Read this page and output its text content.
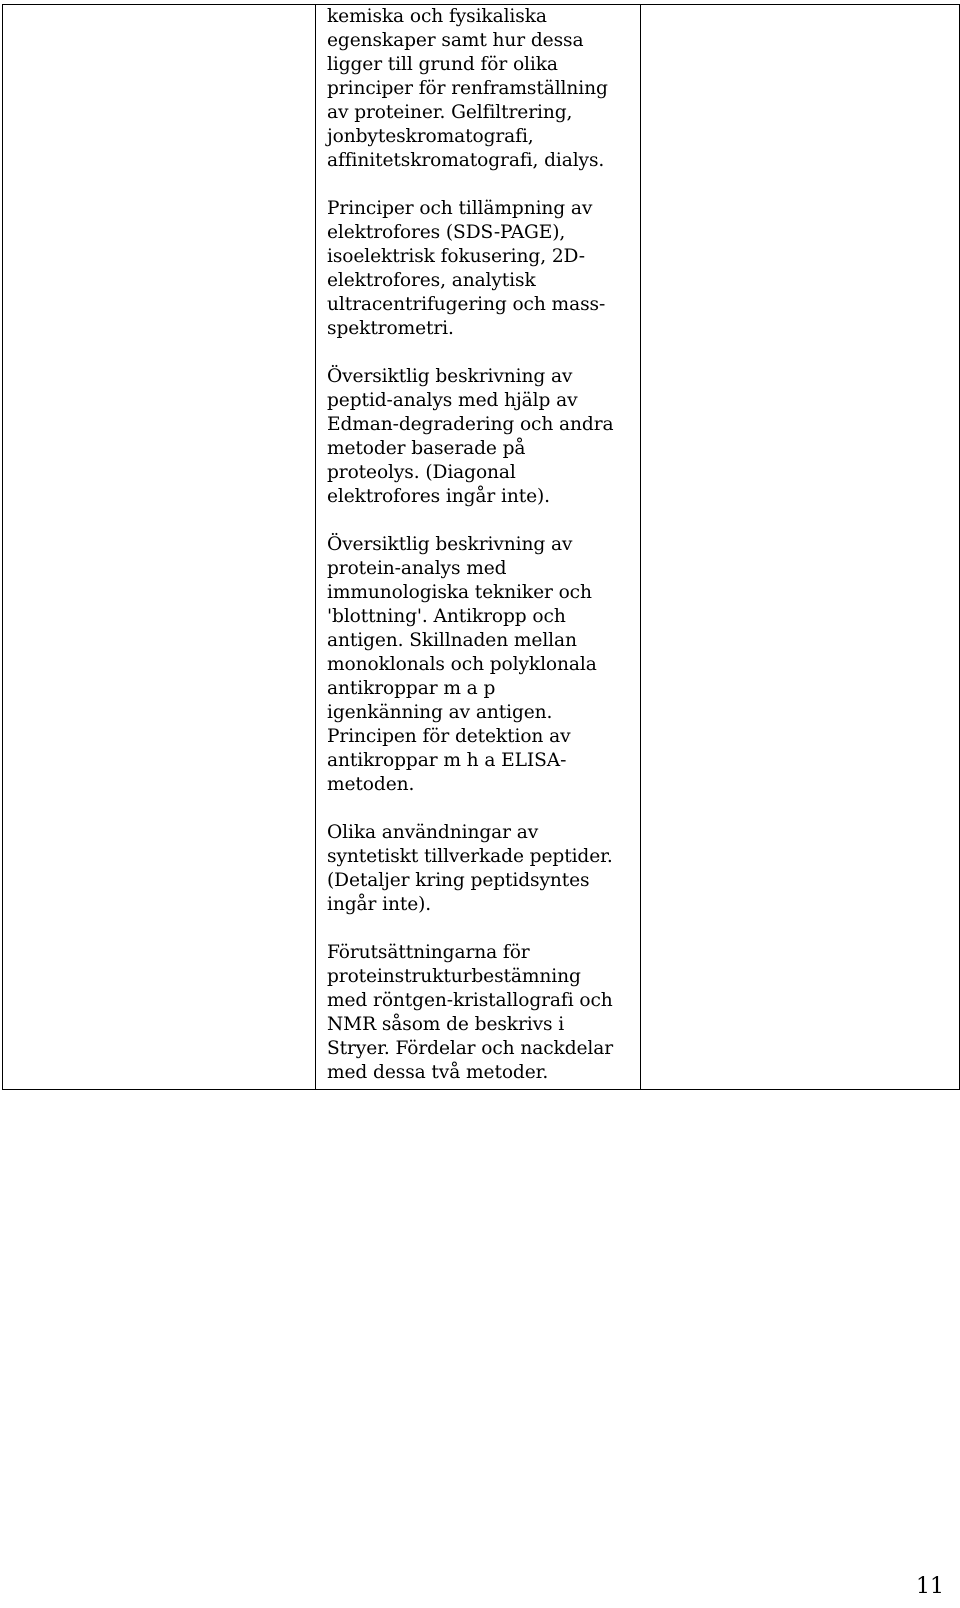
kemiska och fysikaliska
egenskaper samt hur dessa
ligger till grund för olika
principer för renframställning
av proteiner. Gelfiltrering,
jonbyteskromatografi,
affinitetskromatografi, dialys.

Principer och tillämpning av
elektrofores (SDS-PAGE),
isoelektrisk fokusering, 2D-
elektrofores, analytisk
ultracentrifugering och mass-
spektrometri.

Översiktlig beskrivning av
peptid-analys med hjälp av
Edman-degradering och andra
metoder baserade på
proteolys. (Diagonal
elektrofores ingår inte).

Översiktlig beskrivning av
protein-analys med
immunologiska tekniker och
'blottning'. Antikropp och
antigen. Skillnaden mellan
monoklonals och polyklonala
antikroppar m a p
igenkänning av antigen.
Principen för detektion av
antikroppar m h a ELISA-
metoden.

Olika användningar av
syntetiskt tillverkade peptider.
(Detaljer kring peptidsyntes
ingår inte).

Förutsättningarna för
proteinstrukturbestämning
med röntgen-kristallografi och
NMR såsom de beskrivs i
Stryer. Fördelar och nackdelar
med dessa två metoder.

11
